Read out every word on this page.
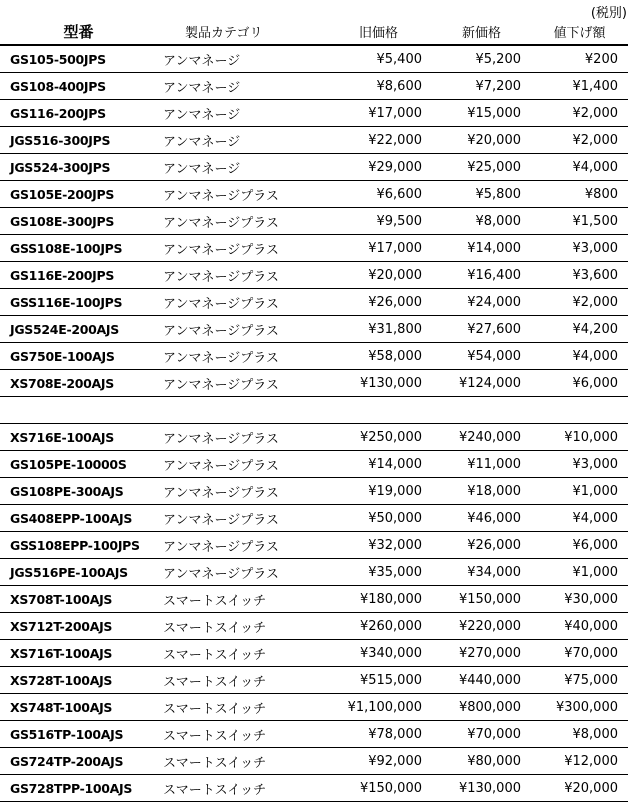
(税別)
型番	製品カテゴリ	旧価格	新価格	値下げ額
GS105-500JPS	アンマネージ	¥5,400	¥5,200	¥200
GS108-400JPS	アンマネージ	¥8,600	¥7,200	¥1,400
GS116-200JPS	アンマネージ	¥17,000	¥15,000	¥2,000
JGS516-300JPS	アンマネージ	¥22,000	¥20,000	¥2,000
JGS524-300JPS	アンマネージ	¥29,000	¥25,000	¥4,000
GS105E-200JPS	アンマネージプラス	¥6,600	¥5,800	¥800
GS108E-300JPS	アンマネージプラス	¥9,500	¥8,000	¥1,500
GSS108E-100JPS	アンマネージプラス	¥17,000	¥14,000	¥3,000
GS116E-200JPS	アンマネージプラス	¥20,000	¥16,400	¥3,600
GSS116E-100JPS	アンマネージプラス	¥26,000	¥24,000	¥2,000
JGS524E-200AJS	アンマネージプラス	¥31,800	¥27,600	¥4,200
GS750E-100AJS	アンマネージプラス	¥58,000	¥54,000	¥4,000
XS708E-200AJS	アンマネージプラス	¥130,000	¥124,000	¥6,000

XS716E-100AJS	アンマネージプラス	¥250,000	¥240,000	¥10,000
GS105PE-10000S	アンマネージプラス	¥14,000	¥11,000	¥3,000
GS108PE-300AJS	アンマネージプラス	¥19,000	¥18,000	¥1,000
GS408EPP-100AJS	アンマネージプラス	¥50,000	¥46,000	¥4,000
GSS108EPP-100JPS	アンマネージプラス	¥32,000	¥26,000	¥6,000
JGS516PE-100AJS	アンマネージプラス	¥35,000	¥34,000	¥1,000
XS708T-100AJS	スマートスイッチ	¥180,000	¥150,000	¥30,000
XS712T-200AJS	スマートスイッチ	¥260,000	¥220,000	¥40,000
XS716T-100AJS	スマートスイッチ	¥340,000	¥270,000	¥70,000
XS728T-100AJS	スマートスイッチ	¥515,000	¥440,000	¥75,000
XS748T-100AJS	スマートスイッチ	¥1,100,000	¥800,000	¥300,000
GS516TP-100AJS	スマートスイッチ	¥78,000	¥70,000	¥8,000
GS724TP-200AJS	スマートスイッチ	¥92,000	¥80,000	¥12,000
GS728TPP-100AJS	スマートスイッチ	¥150,000	¥130,000	¥20,000
